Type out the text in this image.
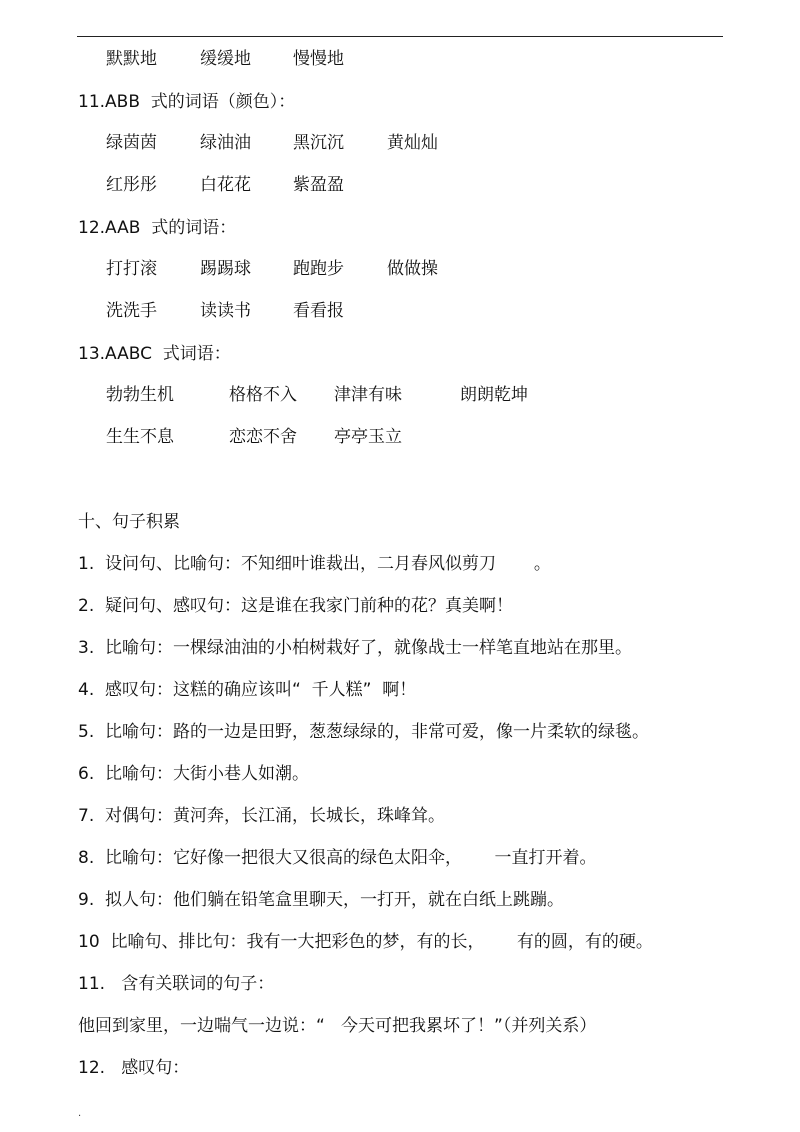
默默地	缓缓地 慢慢地
11.ABB  式的词语（颜色）：
绿茵茵	绿油油 黑沉沉	黄灿灿
红彤彤	白花花 紫盈盈
12.AAB  式的词语：
打打滚	踢踢球 跑跑步	做做操
洗洗手	读读书 看看报
13.AABC  式词语：
勃勃生机	格格不入 津津有味	朗朗乾坤
生生不息	恋恋不舍 亭亭玉立
十、句子积累
1.  设问句、比喻句：不知细叶谁裁出，二月春风似剪刀       。
2.  疑问句、感叹句：这是谁在我家门前种的花？真美啊！
3.  比喻句：一棵绿油油的小柏树栽好了，就像战士一样笔直地站在那里。
4.  感叹句：这糕的确应该叫“  千人糕”  啊！
5.  比喻句：路的一边是田野，葱葱绿绿的，非常可爱，像一片柔软的绿毯。
6.  比喻句：大街小巷人如潮。
7.  对偶句：黄河奔，长江涌，长城长，珠峰耸。
8.  比喻句：它好像一把很大又很高的绿色太阳伞，      一直打开着。
9.  拟人句：他们躺在铅笔盒里聊天，一打开，就在白纸上跳蹦。
10  比喻句、排比句：我有一大把彩色的梦，有的长，      有的圆，有的硬。
11.   含有关联词的句子：
他回到家里，一边喘气一边说：“   今天可把我累坏了！”（并列关系）
12.   感叹句：
.
